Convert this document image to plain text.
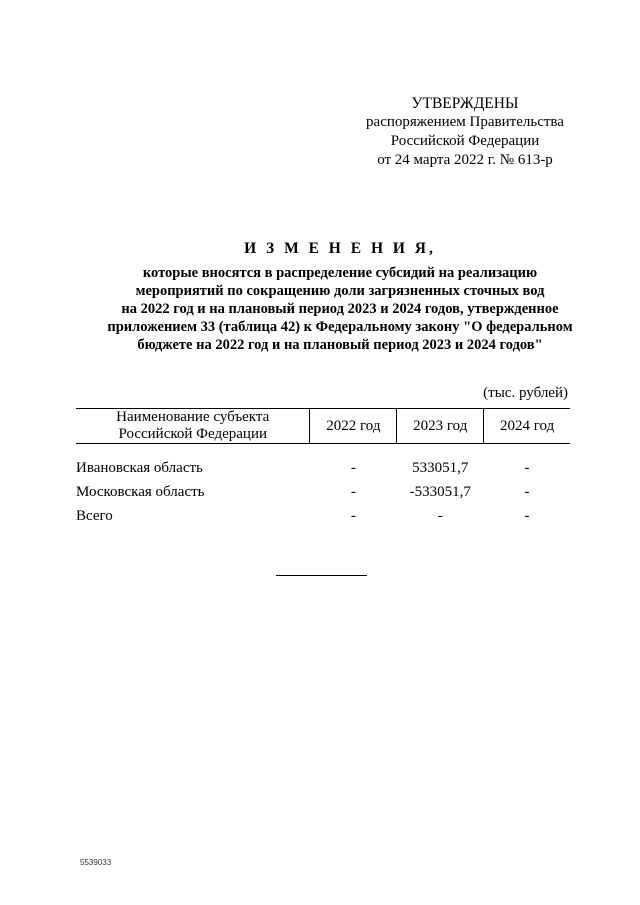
УТВЕРЖДЕНЫ
распоряжением Правительства
Российской Федерации
от 24 марта 2022 г. № 613-р
И З М Е Н Е Н И Я,
которые вносятся в распределение субсидий на реализацию
мероприятий по сокращению доли загрязненных сточных вод
на 2022 год и на плановый период 2023 и 2024 годов, утвержденное
приложением 33 (таблица 42) к Федеральному закону "О федеральном
бюджете на 2022 год и на плановый период 2023 и 2024 годов"
(тыс. рублей)
Наименование субъекта
Российской Федерации	2022 год	2023 год	2024 год

Ивановская область	-	533051,7	-
Московская область	-	-533051,7	-
Всего	-	-	-
5539033
